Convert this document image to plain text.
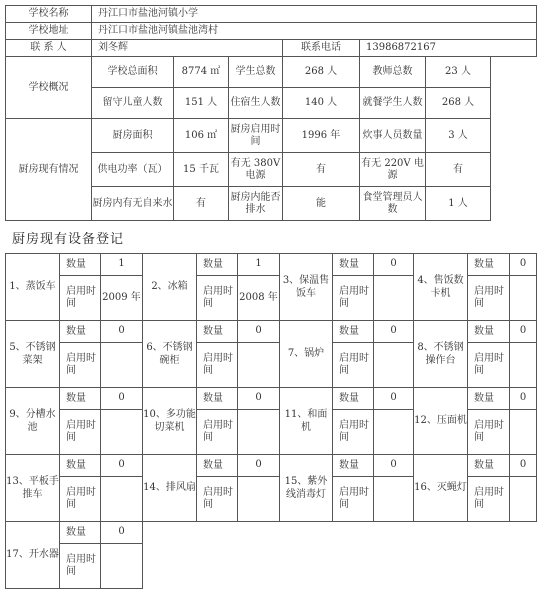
学校名称	丹江口市盐池河镇小学					
学校地址	丹江口市盐池河镇盐池湾村					
联 系 人	刘冬辉			联系电话	13986872167	
学校概况	学校总面积	8774 ㎡	学生总数	268 人	教师总数	23 人
	留守儿童人数	151 人	住宿生人数	140 人	就餐学生人数	268 人
厨房现有情况	厨房面积	106 ㎡	厨房启用时间	1996 年	炊事人员数量	3 人
	供电功率（瓦）	15 千瓦	有无 380V 电源	有	有无 220V 电源	有
	厨房内有无自来水	有	厨房内能否排水	能	食堂管理员人数	1 人
厨房现有设备登记
1、蒸饭车	数量	1	2、冰箱	数量	1	3、保温售饭车	数量	0	4、售饭数卡机	数量	0
	启用时间	2009 年		启用时间	2008 年		启用时间			启用时间	
5、不锈钢菜架	数量	0	6、不锈钢碗柜	数量	0	7、锅炉	数量	0	8、不锈钢操作台	数量	0
	启用时间			启用时间			启用时间			启用时间	
9、分槽水池	数量	0	10、多功能切菜机	数量	0	11、和面机	数量	0	12、压面机	数量	0
	启用时间			启用时间			启用时间			启用时间	
13、平板手推车	数量	0	14、排风扇	数量	0	15、紫外线消毒灯	数量	0	16、灭蝇灯	数量	0
	启用时间			启用时间			启用时间			启用时间	
17、开水器	数量	0									
	启用时间										
